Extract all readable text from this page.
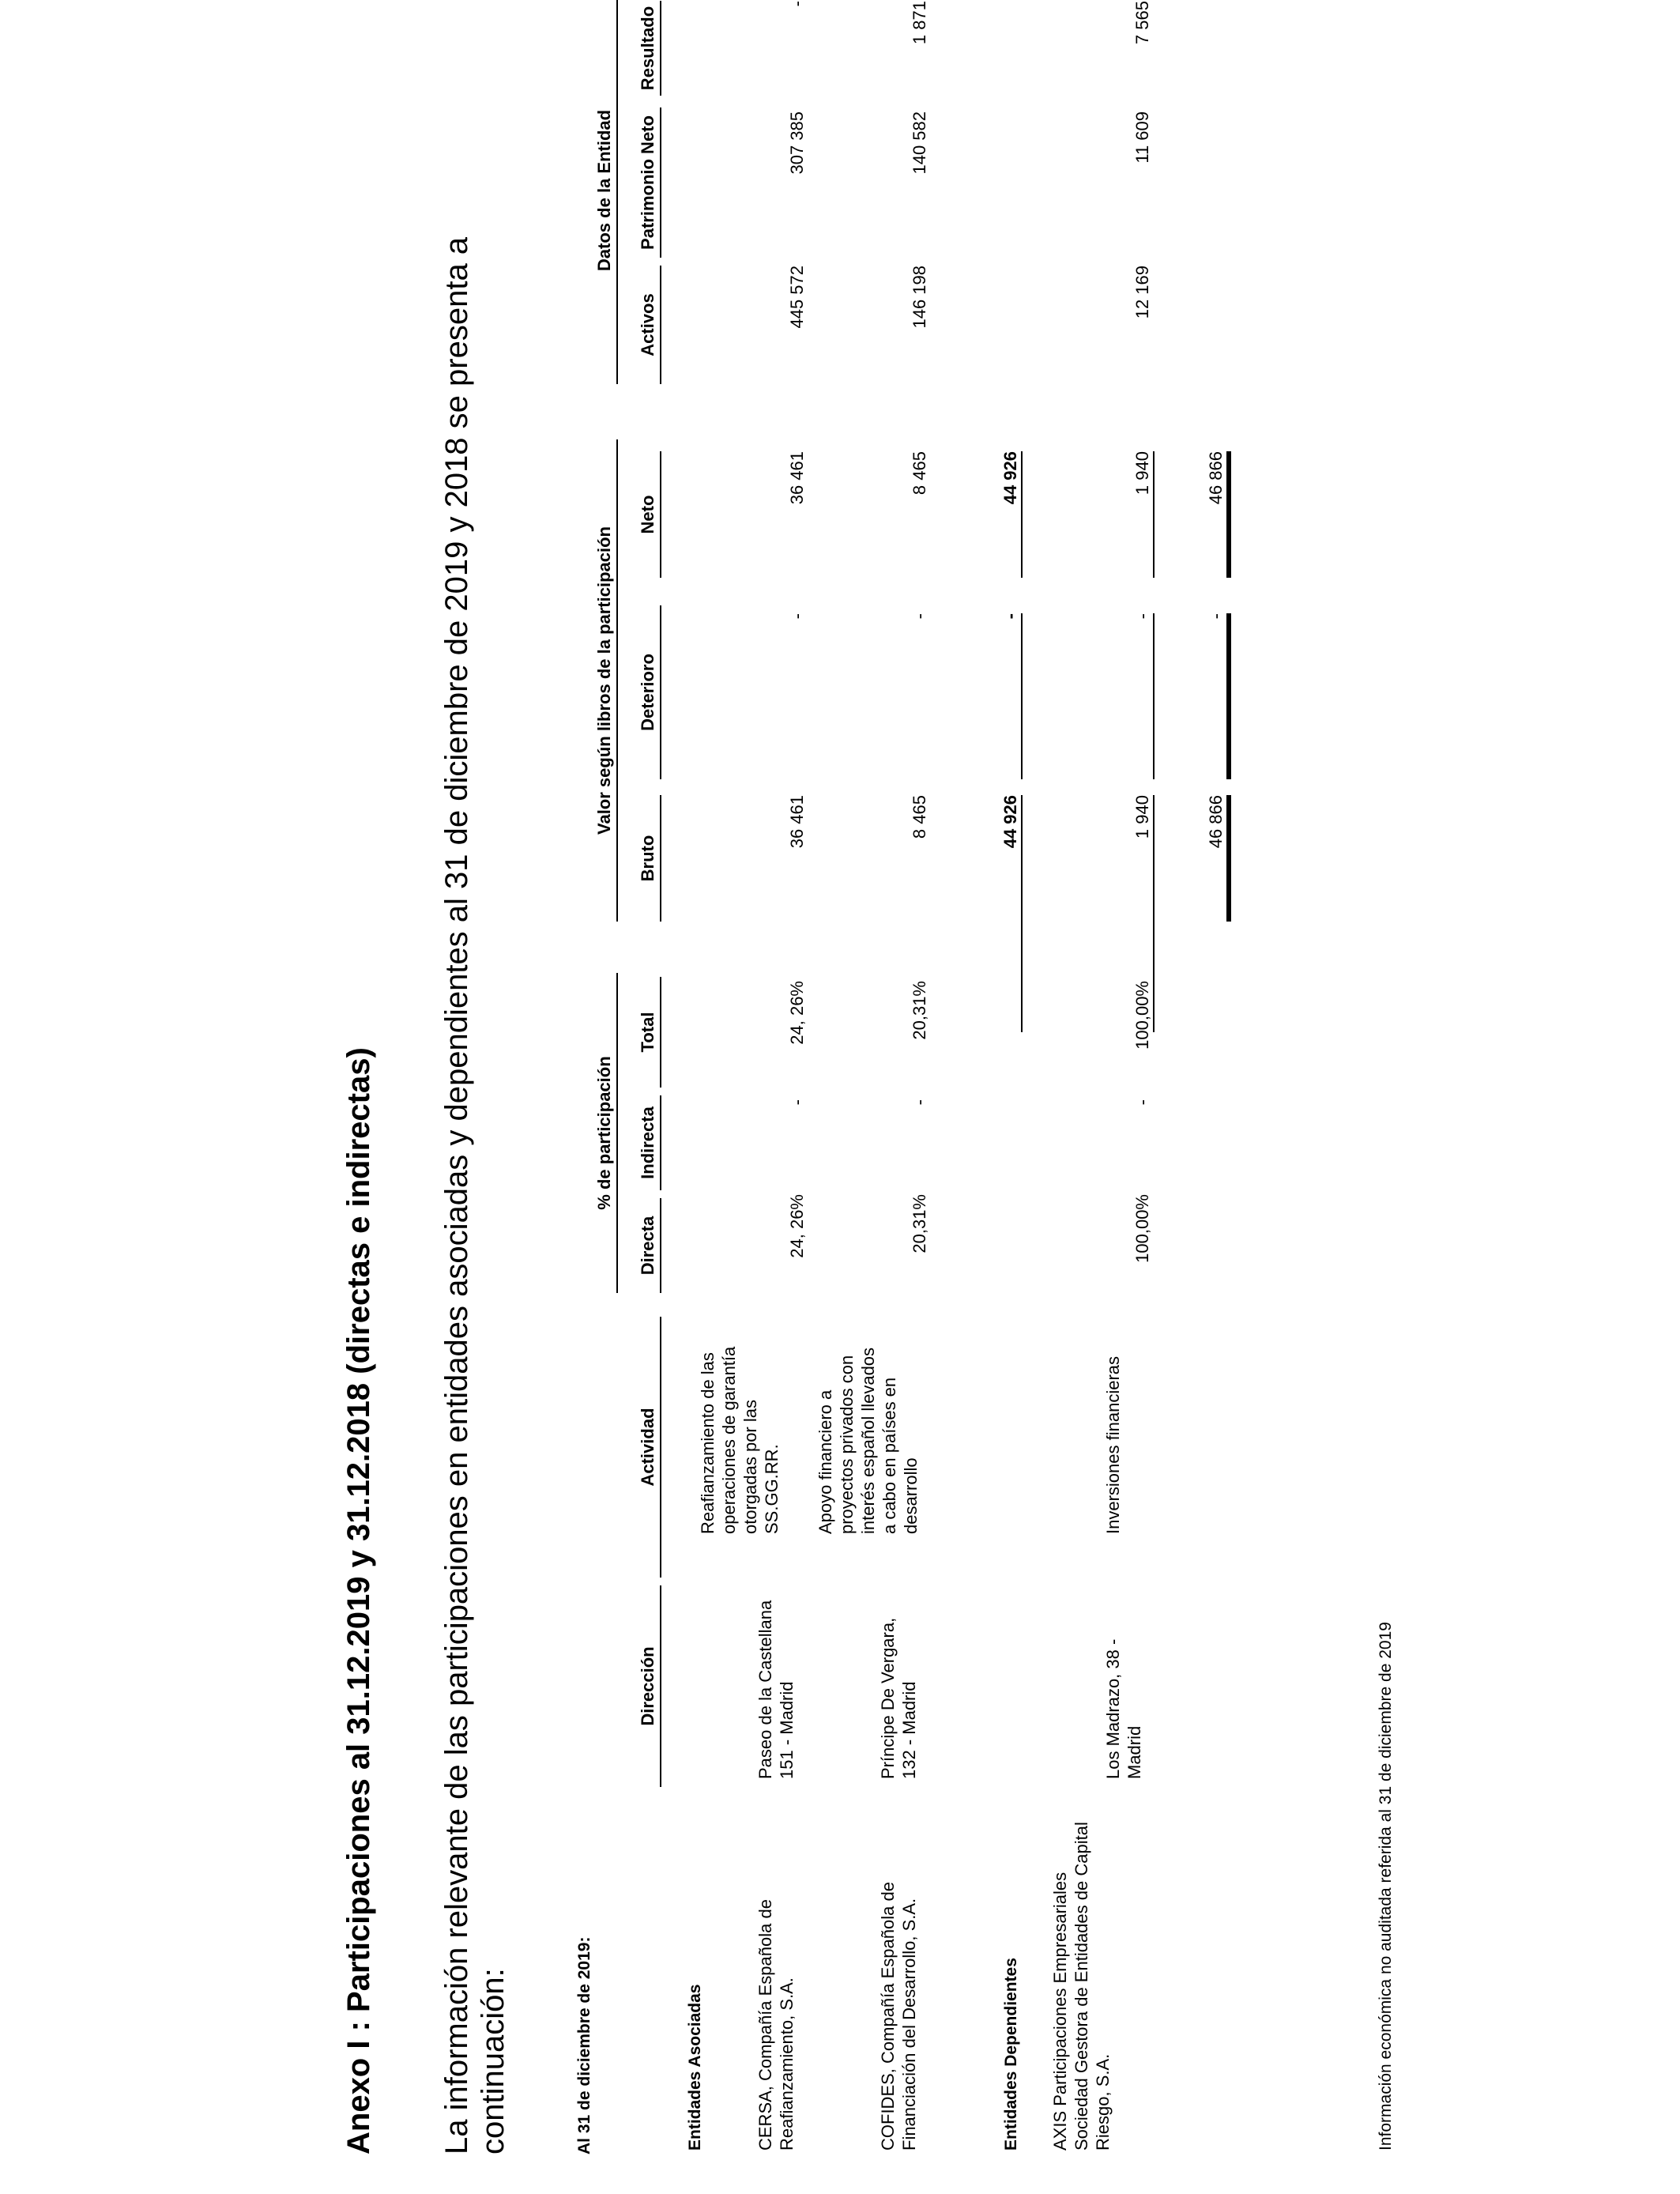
Anexo I : Participaciones al 31.12.2019 y 31.12.2018 (directas e indirectas) La información relevante de las participaciones en entidades asociadas y dependientes al 31 de diciembre de 2019 y 2018 se presenta a continuación:	Al 31 de diciembre de 2019:
% de participación
Valor según libros de la participación
Datos de la Entidad
Dirección
Actividad
Directa
Indirecta
Total
Bruto
Deterioro
Neto
Activos
Patrimonio Neto
Resultado
Entidades Asociadas	CERSA, Compañía Española de Reafianzamiento, S.A.
Paseo de la Castellana 151 - Madrid
Reafianzamiento de las operaciones de garantía otorgadas por las SS.GG.RR.
24, 26%
-
24, 26%
36 461
-
36 461
445 572
307 385
-
COFIDES, Compañía Española de Financiación del Desarrollo, S.A.
Príncipe De Vergara, 132 - Madrid
Apoyo financiero a proyectos privados con interés español llevados a cabo en países en desarrollo
20,31%
-
20,31%
8 465
-
8 465
146 198
140 582
1 871
44 926
-
44 926
Entidades Dependientes AXIS Participaciones Empresariales Sociedad Gestora de Entidades de Capital Riesgo, S.A.
Los Madrazo, 38 - Madrid
Inversiones financieras
100,00%
-
100,00%
1 940
-
1 940
12 169
11 609
7 565
46 866
-
46 866
Información económica no auditada referida al 31 de diciembre de 2019
